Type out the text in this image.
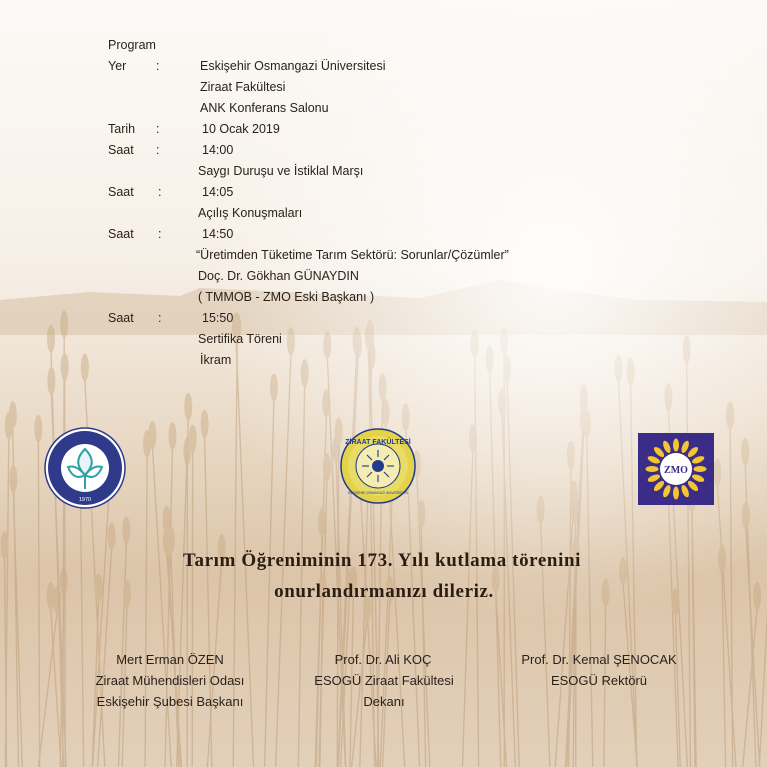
Program
Yer :	Eskişehir Osmangazi Üniversitesi
Ziraat Fakültesi
ANK Konferans Salonu
Tarih :	10 Ocak 2019
Saat :	14:00
Saygı Duruşu ve İstiklal Marşı
Saat :	14:05
Açılış Konuşmaları
Saat :	14:50
“Üretimden Tüketime Tarım Sektörü: Sorunlar/Çözümler”
Doç. Dr. Gökhan GÜNAYDIN
( TMMOB - ZMO Eski Başkanı )
Saat :	15:50
Sertifika Töreni
İkram
1970
ZİRAAT FAKÜLTESİ
ESKİŞEHİR OSMANGAZİ ÜNİVERSİTESİ
ZMO
Tarım Öğreniminin 173. Yılı kutlama törenini
onurlandırmanızı dileriz.
Mert Erman ÖZEN
Ziraat Mühendisleri Odası
Eskişehir Şubesi Başkanı
Prof. Dr. Ali KOÇ
ESOGÜ Ziraat Fakültesi
Dekanı
Prof. Dr. Kemal ŞENOCAK
ESOGÜ Rektörü
